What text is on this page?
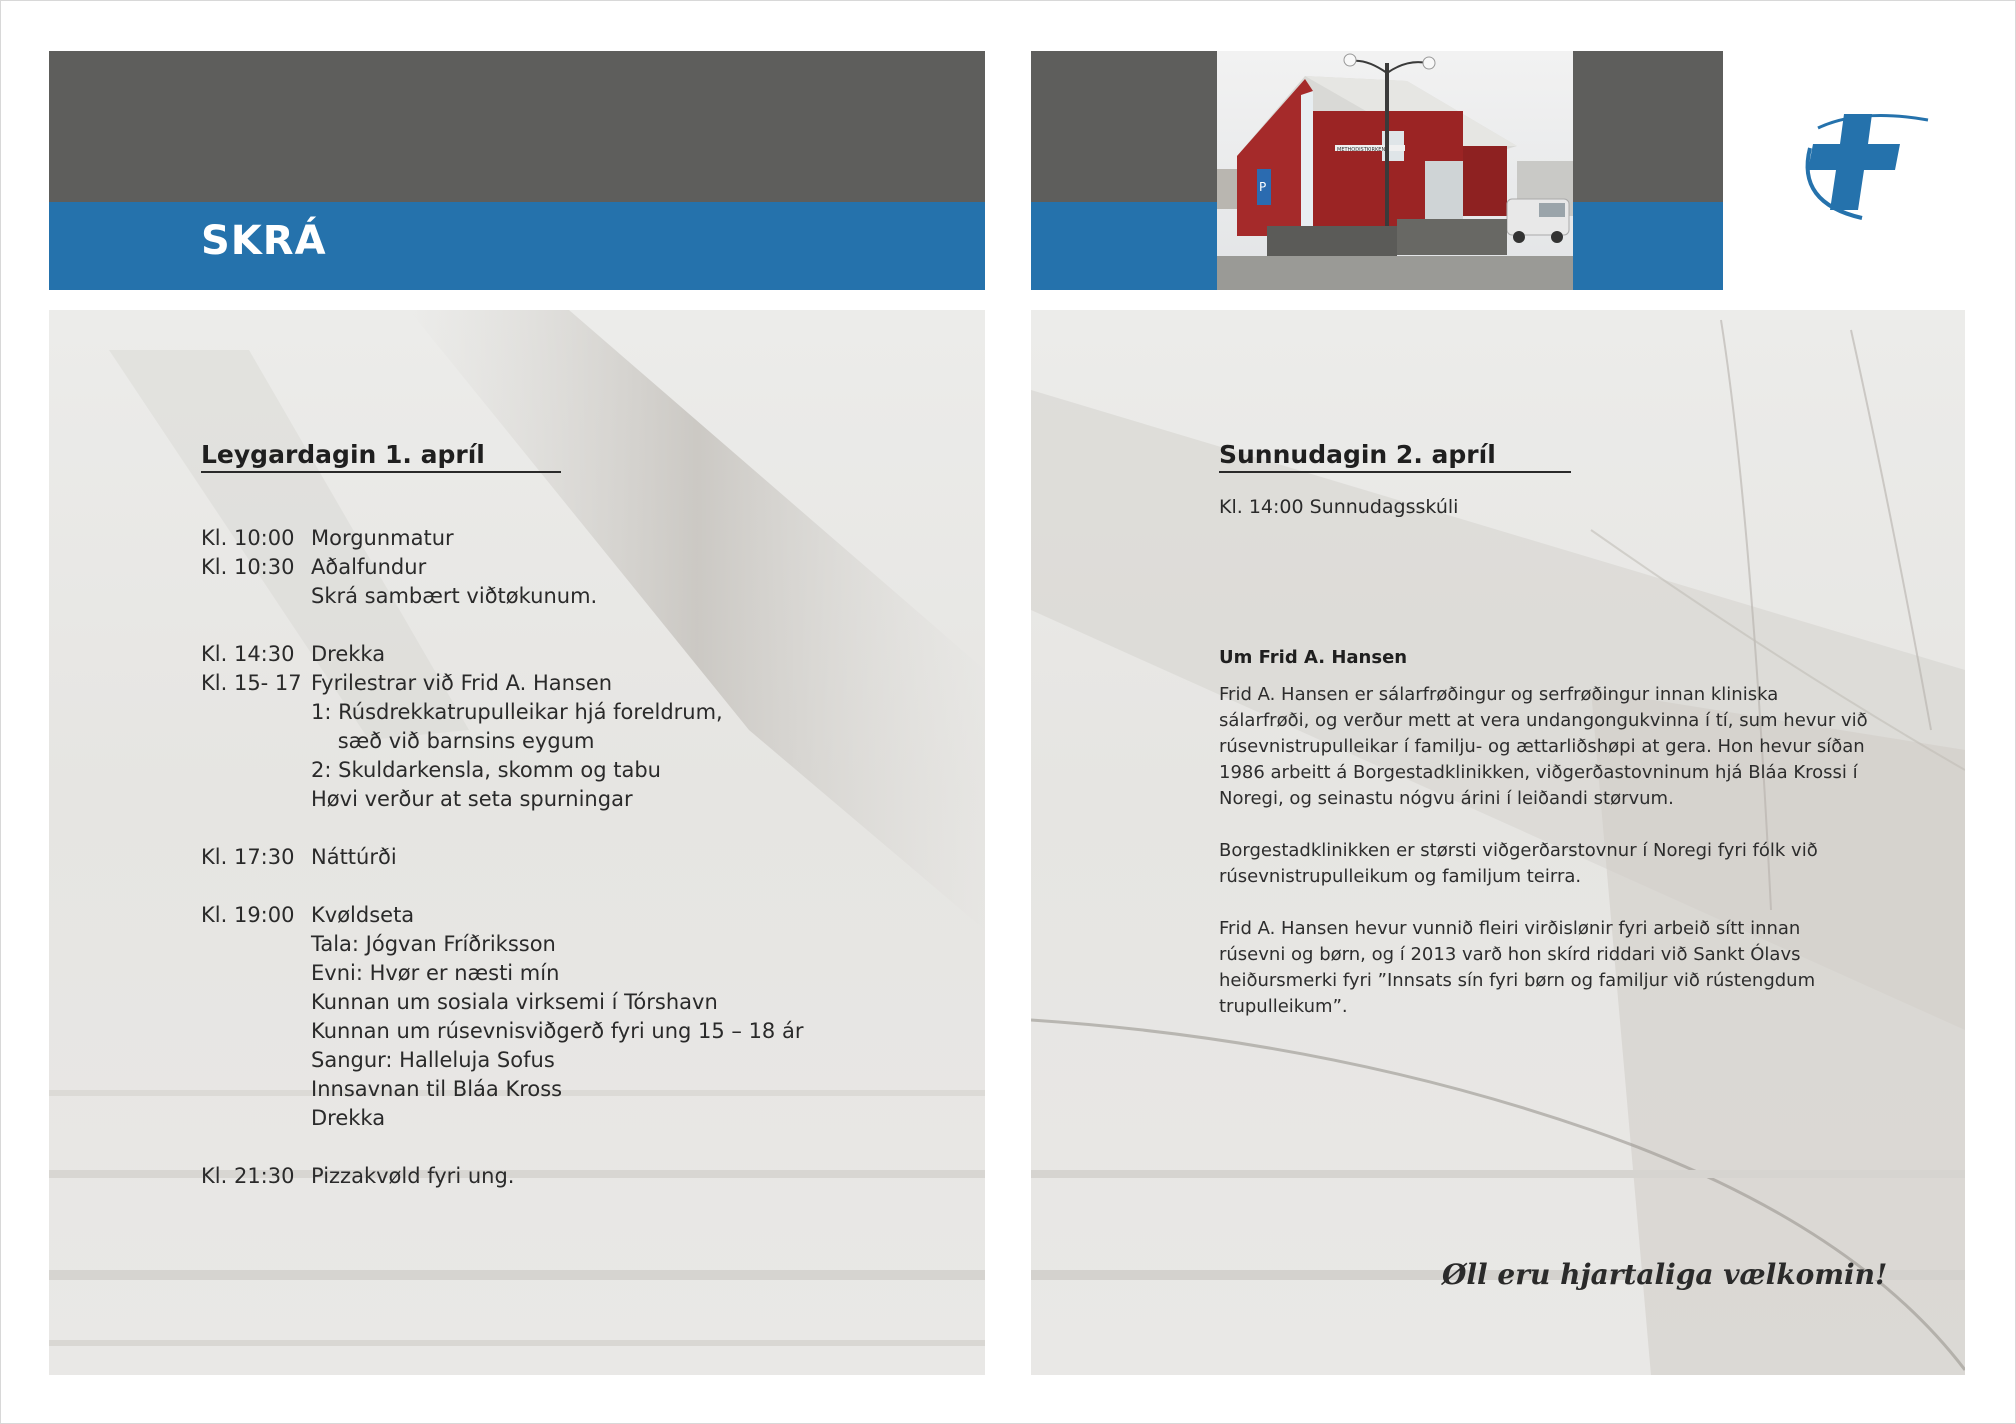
SKRÁ
METHODISTKIRKEN
P
Leygardagin 1. apríl
Kl. 10:00 Morgunmatur
Kl. 10:30 Aðalfundur
Skrá sambært viðtøkunum.
Kl. 14:30 Drekka
Kl. 15- 17 Fyrilestrar við Frid A. Hansen
1: Rúsdrekkatrupulleikar hjá foreldrum,
sæð við barnsins eygum
2: Skuldarkensla, skomm og tabu
Høvi verður at seta spurningar
Kl. 17:30 Náttúrði
Kl. 19:00 Kvøldseta
Tala: Jógvan Fríðriksson
Evni: Hvør er næsti mín
Kunnan um sosiala virksemi í Tórshavn
Kunnan um rúsevnisviðgerð fyri ung 15 – 18 ár
Sangur: Halleluja Sofus
Innsavnan til Bláa Kross
Drekka
Kl. 21:30 Pizzakvøld fyri ung.
Sunnudagin 2. apríl
Kl. 14:00 Sunnudagsskúli
Um Frid A. Hansen

Frid A. Hansen er sálarfrøðingur og serfrøðingur innan kliniska sálarfrøði, og verður mett at vera undangongukvinna í tí, sum hevur við rúsevnistrupulleikar í familju- og ættarliðshøpi at gera. Hon hevur síðan 1986 arbeitt á Borgestadklinikken, viðgerðastovninum hjá Bláa Krossi í Noregi, og seinastu nógvu árini í leiðandi størvum.

Borgestadklinikken er størsti viðgerðarstovnur í Noregi fyri fólk við rúsevnistrupulleikum og familjum teirra.

Frid A. Hansen hevur vunnið fleiri virðislønir fyri arbeið sítt innan rúsevni og børn, og í 2013 varð hon skírd riddari við Sankt Ólavs heiðursmerki fyri ”Innsats sín fyri børn og familjur við rústengdum trupulleikum”.

Øll eru hjartaliga vælkomin!
